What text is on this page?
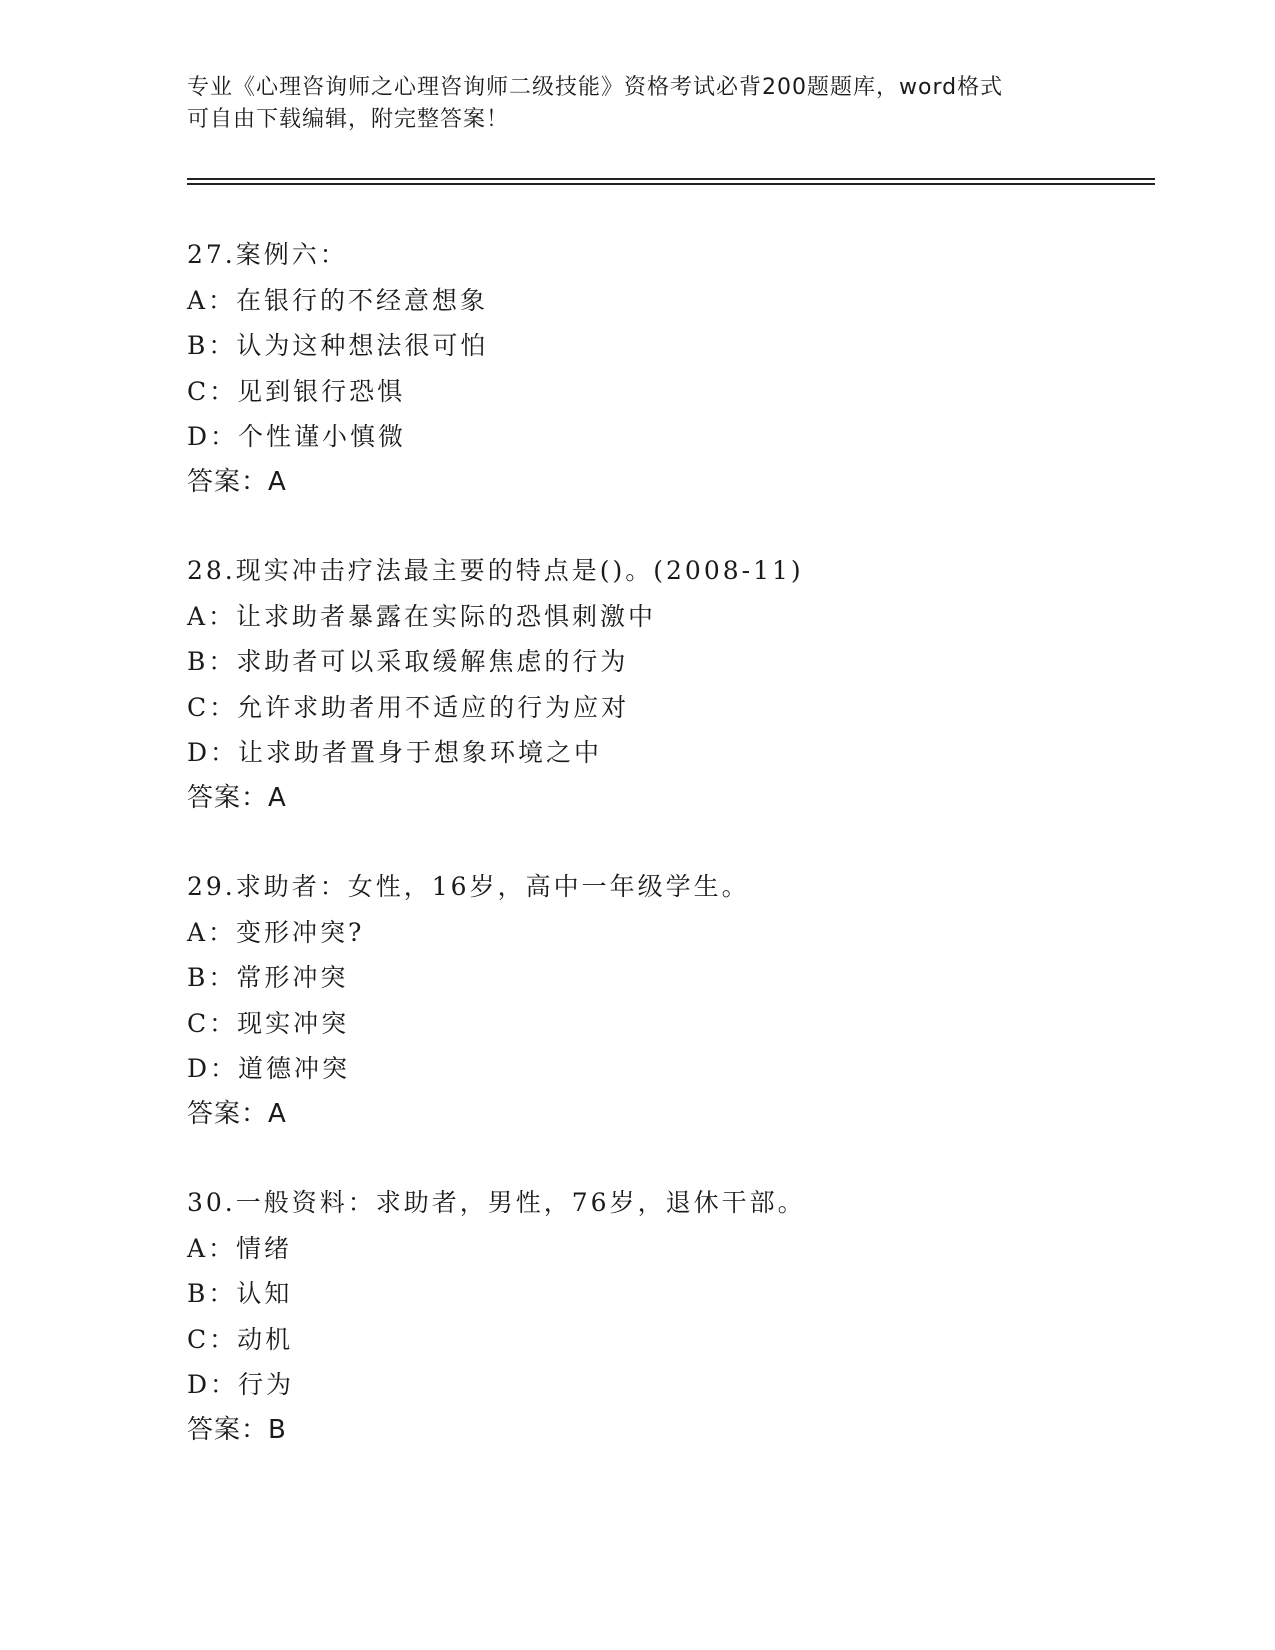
专业《心理咨询师之心理咨询师二级技能》资格考试必背200题题库，word格式
可自由下载编辑，附完整答案！
27.案例六：
A：在银行的不经意想象
B：认为这种想法很可怕
C：见到银行恐惧
D：个性谨小慎微
答案：A
28.现实冲击疗法最主要的特点是()。(2008-11)
A：让求助者暴露在实际的恐惧刺激中
B：求助者可以采取缓解焦虑的行为
C：允许求助者用不适应的行为应对
D：让求助者置身于想象环境之中
答案：A
29.求助者：女性，16岁，高中一年级学生。
A：变形冲突?
B：常形冲突
C：现实冲突
D：道德冲突
答案：A
30.一般资料：求助者，男性，76岁，退休干部。
A：情绪
B：认知
C：动机
D：行为
答案：B
